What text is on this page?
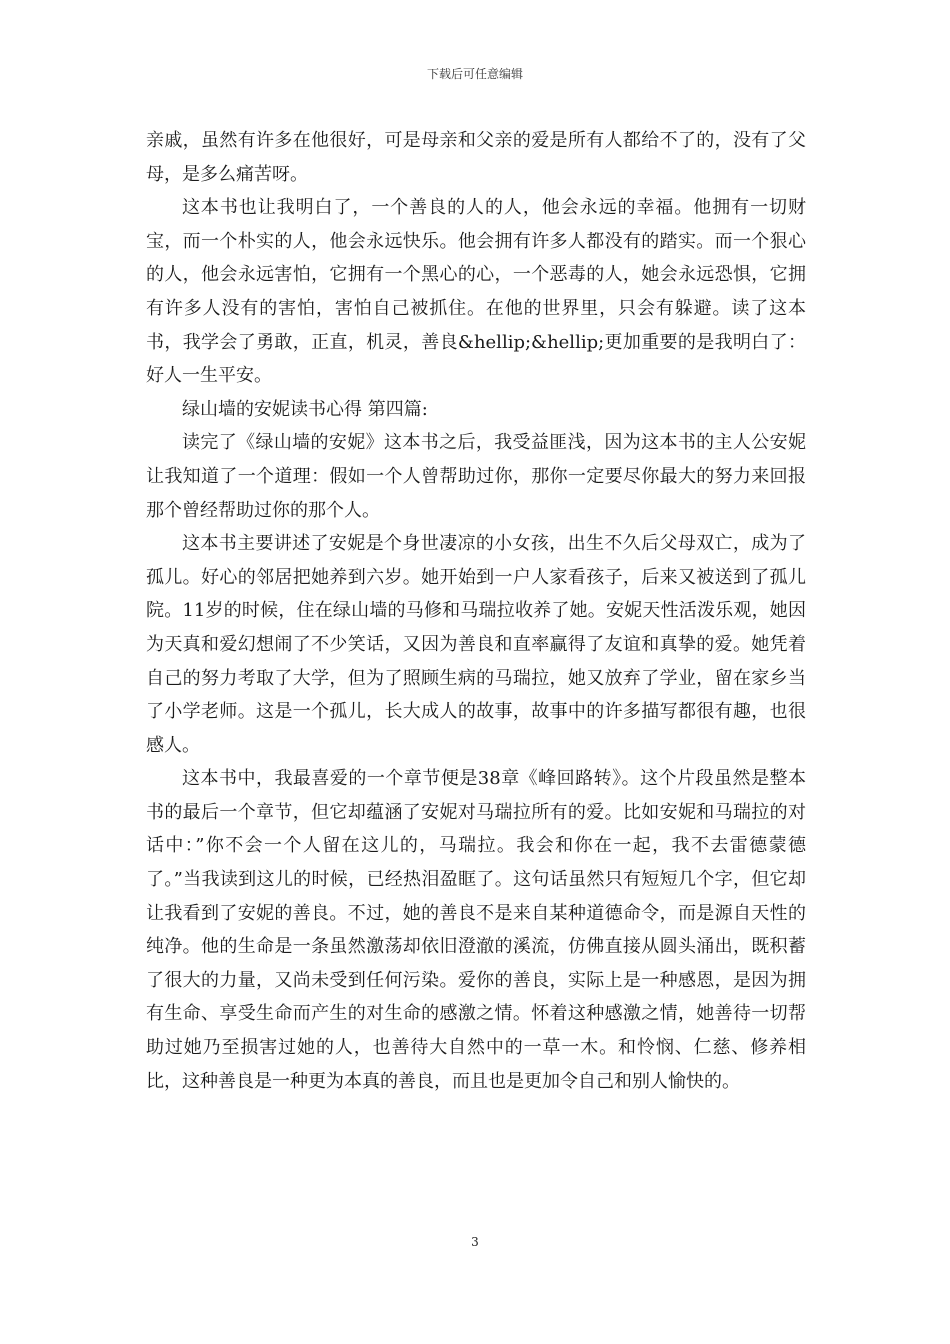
下载后可任意编辑

亲戚，虽然有许多在他很好，可是母亲和父亲的爱是所有人都给不了的，没有了父母，是多么痛苦呀。

这本书也让我明白了，一个善良的人的人，他会永远的幸福。他拥有一切财宝，而一个朴实的人，他会永远快乐。他会拥有许多人都没有的踏实。而一个狠心的人，他会永远害怕，它拥有一个黑心的心，一个恶毒的人，她会永远恐惧，它拥有许多人没有的害怕，害怕自己被抓住。在他的世界里，只会有躲避。读了这本书，我学会了勇敢，正直，机灵，善良&hellip;&hellip;更加重要的是我明白了：好人一生平安。

绿山墙的安妮读书心得 第四篇:

读完了《绿山墙的安妮》这本书之后，我受益匪浅，因为这本书的主人公安妮让我知道了一个道理：假如一个人曾帮助过你，那你一定要尽你最大的努力来回报那个曾经帮助过你的那个人。

这本书主要讲述了安妮是个身世凄凉的小女孩，出生不久后父母双亡，成为了孤儿。好心的邻居把她养到六岁。她开始到一户人家看孩子，后来又被送到了孤儿院。11岁的时候，住在绿山墙的马修和马瑞拉收养了她。安妮天性活泼乐观，她因为天真和爱幻想闹了不少笑话，又因为善良和直率赢得了友谊和真挚的爱。她凭着自己的努力考取了大学，但为了照顾生病的马瑞拉，她又放弃了学业，留在家乡当了小学老师。这是一个孤儿，长大成人的故事，故事中的许多描写都很有趣，也很感人。

这本书中，我最喜爱的一个章节便是38章《峰回路转》。这个片段虽然是整本书的最后一个章节，但它却蕴涵了安妮对马瑞拉所有的爱。比如安妮和马瑞拉的对话中：”你不会一个人留在这儿的，马瑞拉。我会和你在一起，我不去雷德蒙德了。”当我读到这儿的时候，已经热泪盈眶了。这句话虽然只有短短几个字，但它却让我看到了安妮的善良。不过，她的善良不是来自某种道德命令，而是源自天性的纯净。他的生命是一条虽然激荡却依旧澄澈的溪流，仿佛直接从圆头涌出，既积蓄了很大的力量，又尚未受到任何污染。爱你的善良，实际上是一种感恩，是因为拥有生命、享受生命而产生的对生命的感激之情。怀着这种感激之情，她善待一切帮助过她乃至损害过她的人，也善待大自然中的一草一木。和怜悯、仁慈、修养相比，这种善良是一种更为本真的善良，而且也是更加令自己和别人愉快的。

3
